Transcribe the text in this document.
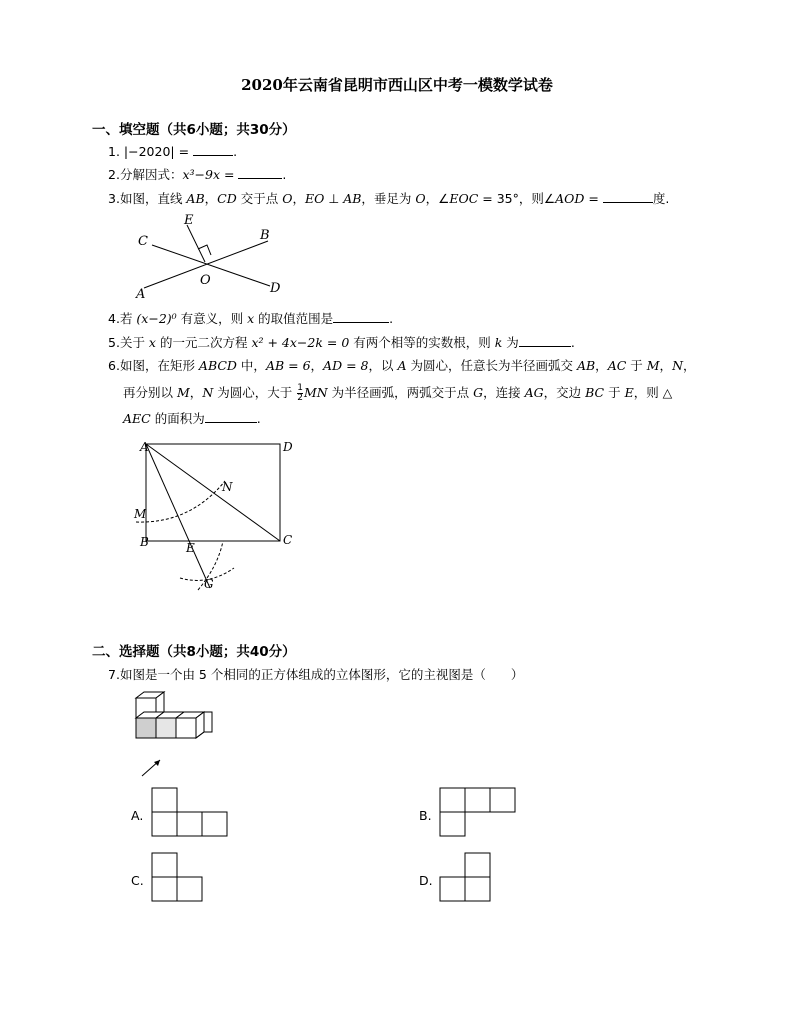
2020年云南省昆明市西山区中考一模数学试卷
一、填空题（共6小题；共30分）
1. |−2020| =	.
2.分解因式：x³−9x =	.
3.如图，直线 AB，CD 交于点 O，EO ⊥ AB，垂足为 O，∠EOC = 35°，则∠AOD =	度.
C
E
B
A
O
D
4.若 (x−2)⁰ 有意义，则 x 的取值范围是	.
5.关于 x 的一元二次方程 x² + 4x−2k = 0 有两个相等的实数根，则 k 为	.
6.如图，在矩形 ABCD 中，AB = 6，AD = 8，以 A 为圆心，任意长为半径画弧交 AB，AC 于 M，N，
再分别以 M，N 为圆心，大于 $\frac{1}{2}$ MN 为半径画弧，两弧交于点 G，连接 AG，交边 BC 于 E，则 △
AEC 的面积为	.
A	D
N
M
B	C
E
G
二、选择题（共8小题；共40分）
7.如图是一个由 5 个相同的正方体组成的立体图形，它的主视图是（　　）
A.	B.
C.	D.
